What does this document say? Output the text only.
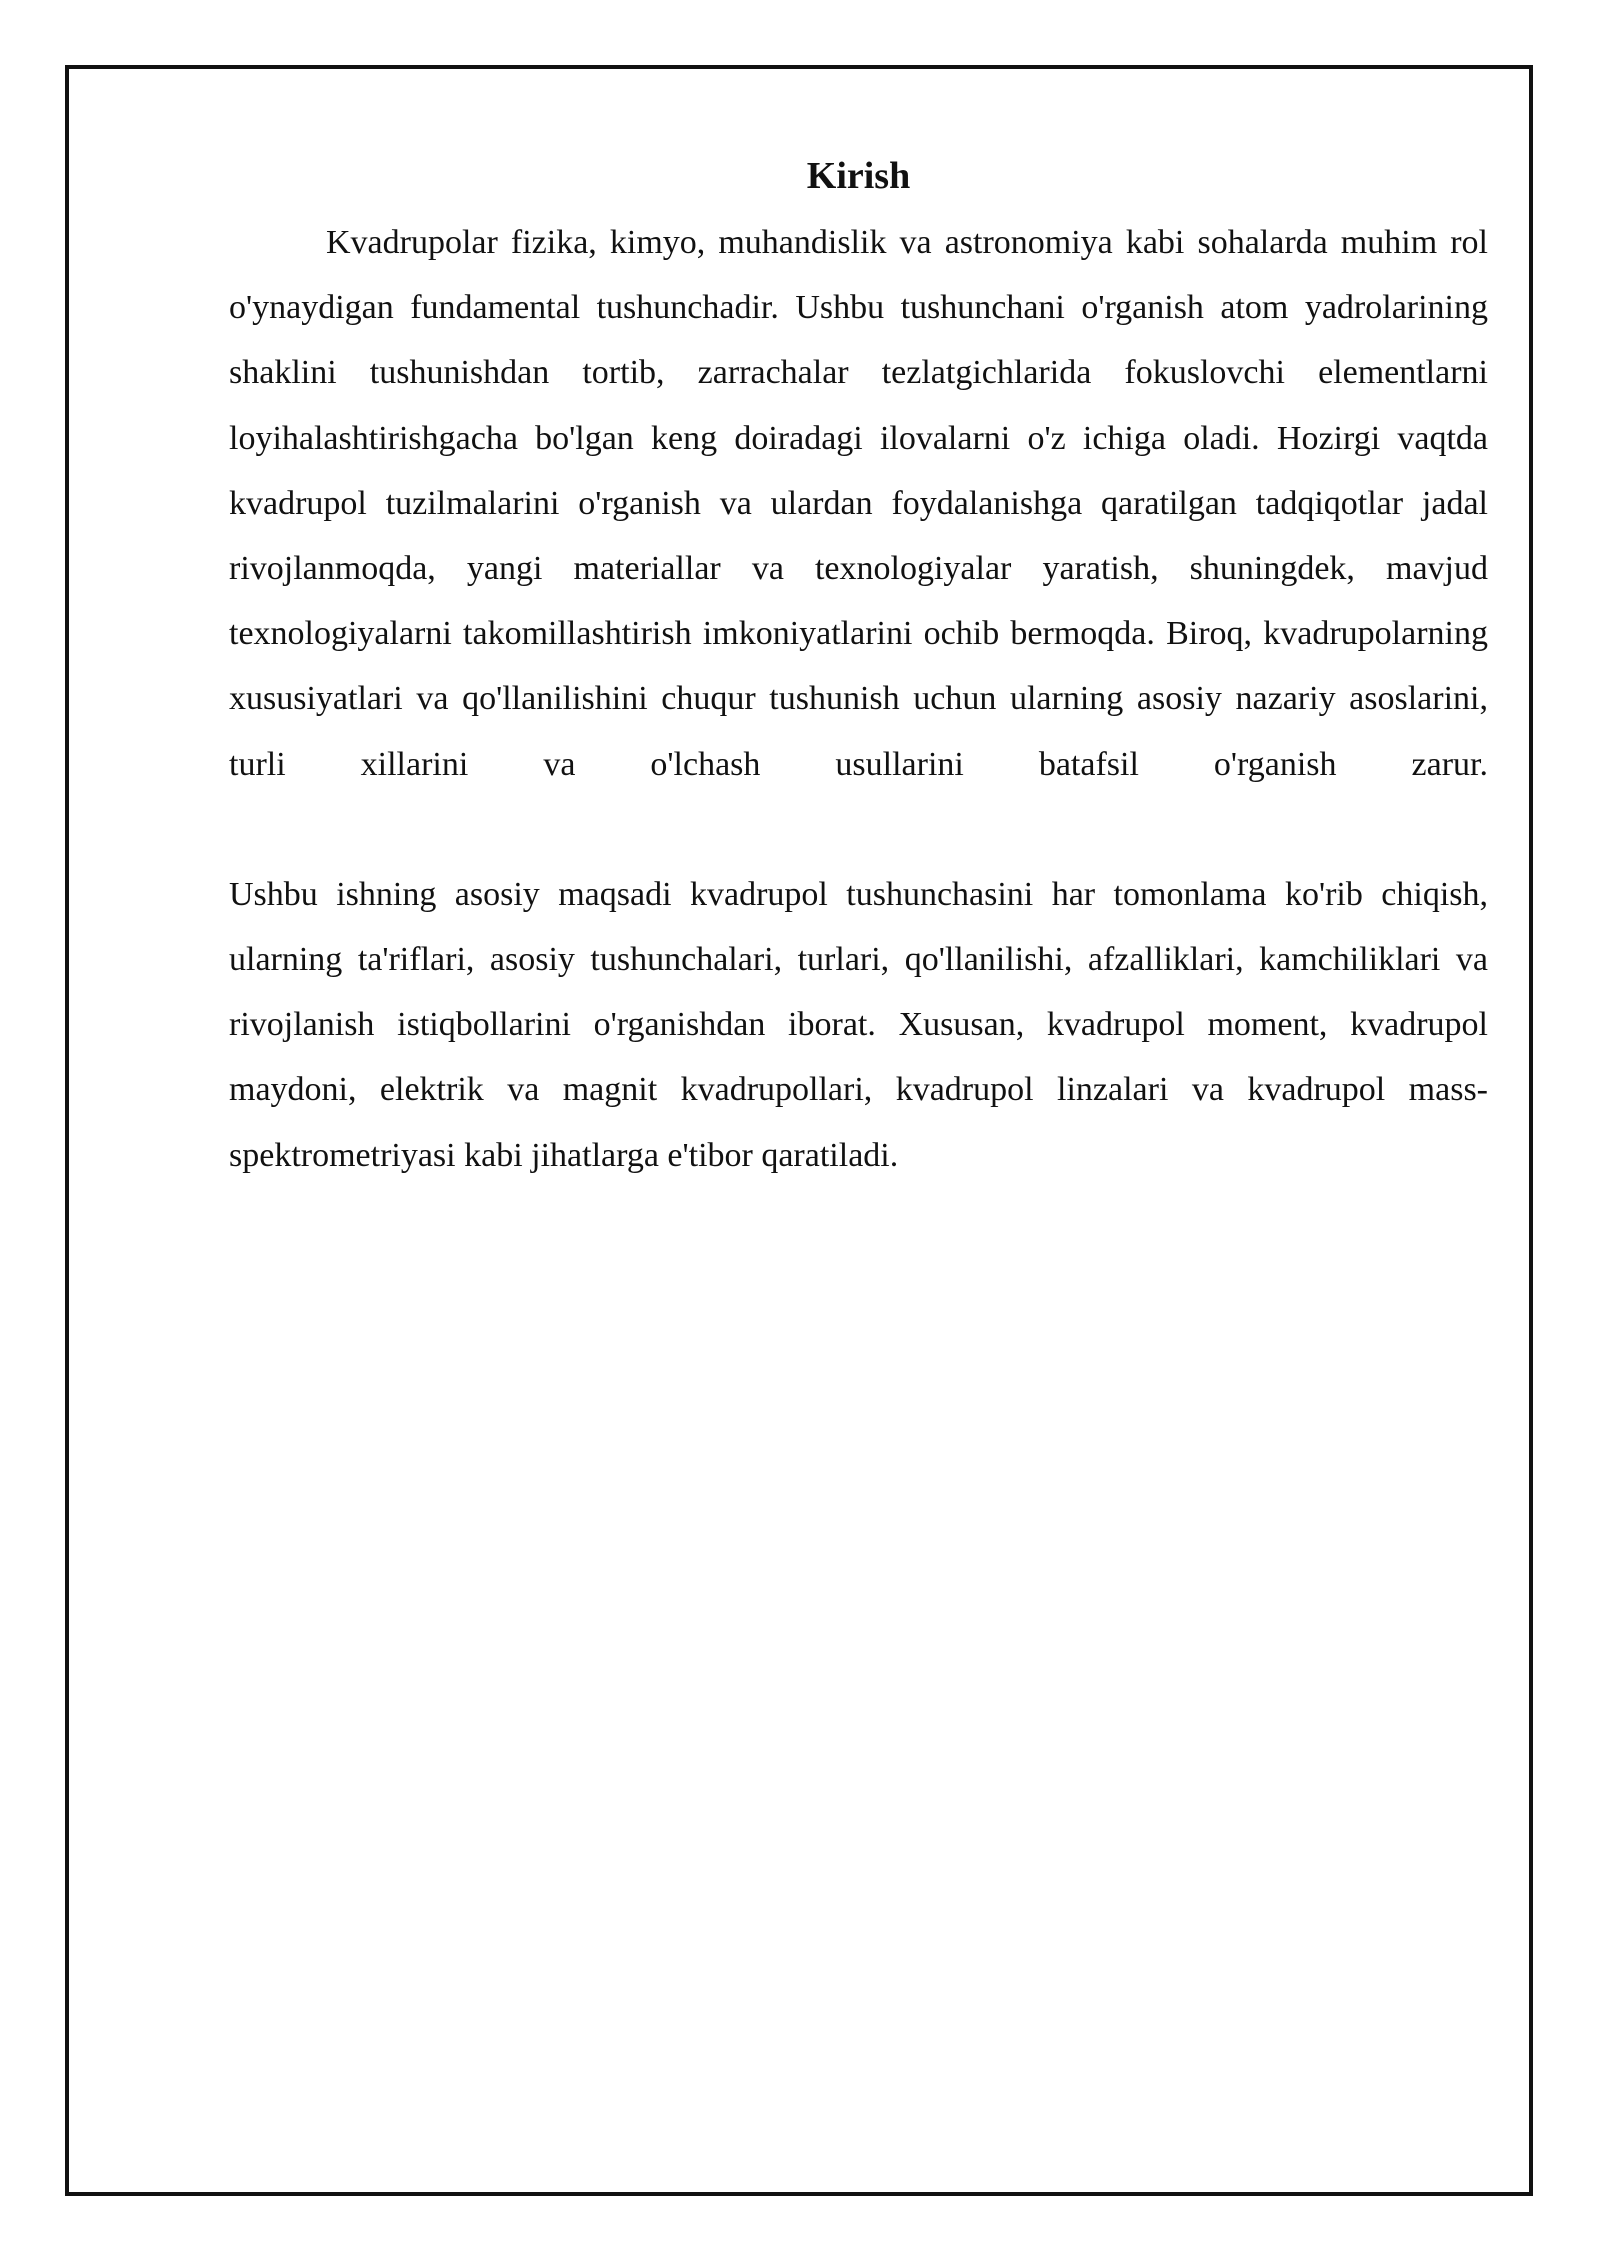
Kirish

Kvadrupolar fizika, kimyo, muhandislik va astronomiya kabi sohalarda muhim rol o'ynaydigan fundamental tushunchadir. Ushbu tushunchani o'rganish atom yadrolarining shaklini tushunishdan tortib, zarrachalar tezlatgichlarida fokuslovchi elementlarni loyihalashtirishgacha bo'lgan keng doiradagi ilovalarni o'z ichiga oladi. Hozirgi vaqtda kvadrupol tuzilmalarini o'rganish va ulardan foydalanishga qaratilgan tadqiqotlar jadal rivojlanmoqda, yangi materiallar va texnologiyalar yaratish, shuningdek, mavjud texnologiyalarni takomillashtirish imkoniyatlarini ochib bermoqda. Biroq, kvadrupolarning xususiyatlari va qo'llanilishini chuqur tushunish uchun ularning asosiy nazariy asoslarini, turli xillarini va o'lchash usullarini batafsil o'rganish zarur.

Ushbu ishning asosiy maqsadi kvadrupol tushunchasini har tomonlama ko'rib chiqish, ularning ta'riflari, asosiy tushunchalari, turlari, qo'llanilishi, afzalliklari, kamchiliklari va rivojlanish istiqbollarini o'rganishdan iborat. Xususan, kvadrupol moment, kvadrupol maydoni, elektrik va magnit kvadrupollari, kvadrupol linzalari va kvadrupol mass-spektrometriyasi kabi jihatlarga e'tibor qaratiladi.
